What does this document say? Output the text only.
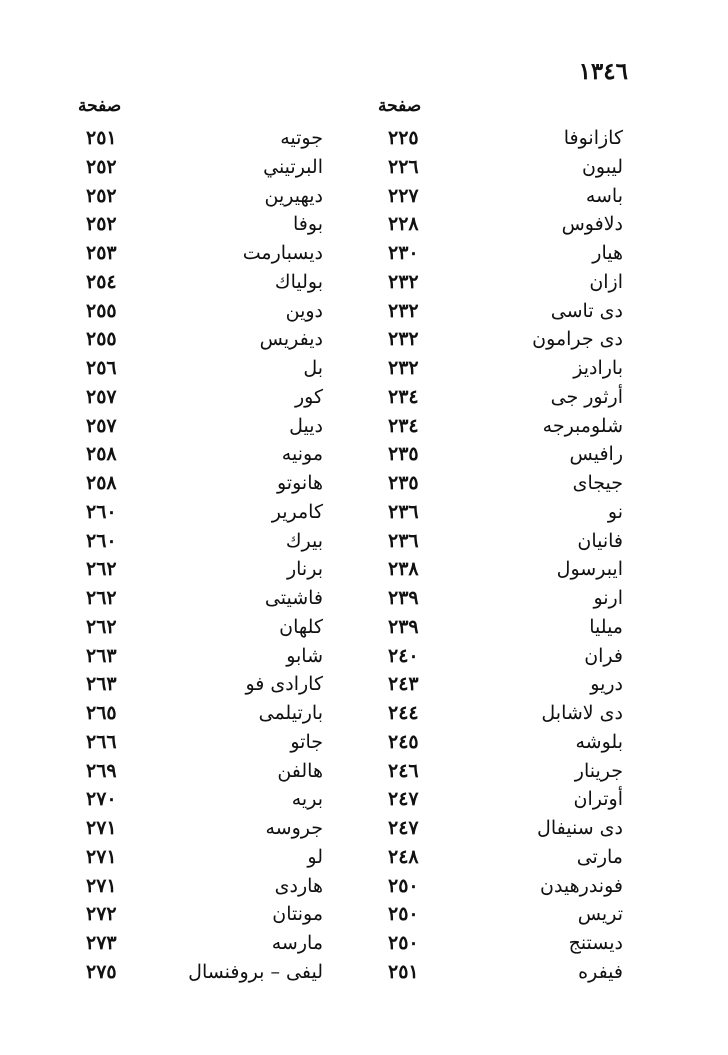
١٣٤٦
صفحة
صفحة
كازانوفا
٢٢٥
جوتيه
٢٥١
ليبون
٢٢٦
البرتيني
٢٥٢
باسه
٢٢٧
ديهيرين
٢٥٢
دلافوس
٢٢٨
بوفا
٢٥٢
هيار
٢٣٠
ديسبارمت
٢٥٣
ازان
٢٣٢
بولياك
٢٥٤
دى تاسى
٢٣٢
دوين
٢٥٥
دى جرامون
٢٣٢
ديفريس
٢٥٥
باراديز
٢٣٢
بل
٢٥٦
أرثور جى
٢٣٤
كور
٢٥٧
شلومبرجه
٢٣٤
دييل
٢٥٧
رافيس
٢٣٥
مونيه
٢٥٨
جيجاى
٢٣٥
هانوتو
٢٥٨
نو
٢٣٦
كامرير
٢٦٠
فانيان
٢٣٦
بيرك
٢٦٠
ايبرسول
٢٣٨
برنار
٢٦٢
ارنو
٢٣٩
فاشيتى
٢٦٢
ميليا
٢٣٩
كلهان
٢٦٢
فران
٢٤٠
شابو
٢٦٣
دريو
٢٤٣
كارادى فو
٢٦٣
دى لاشابل
٢٤٤
بارتيلمى
٢٦٥
بلوشه
٢٤٥
جاتو
٢٦٦
جرينار
٢٤٦
هالفن
٢٦٩
أوتران
٢٤٧
بريه
٢٧٠
دى سنيفال
٢٤٧
جروسه
٢٧١
مارتى
٢٤٨
لو
٢٧١
فوندرهيدن
٢٥٠
هاردى
٢٧١
تريس
٢٥٠
مونتان
٢٧٢
ديستنج
٢٥٠
مارسه
٢٧٣
فيفره
٢٥١
ليفى – بروفنسال
٢٧٥
